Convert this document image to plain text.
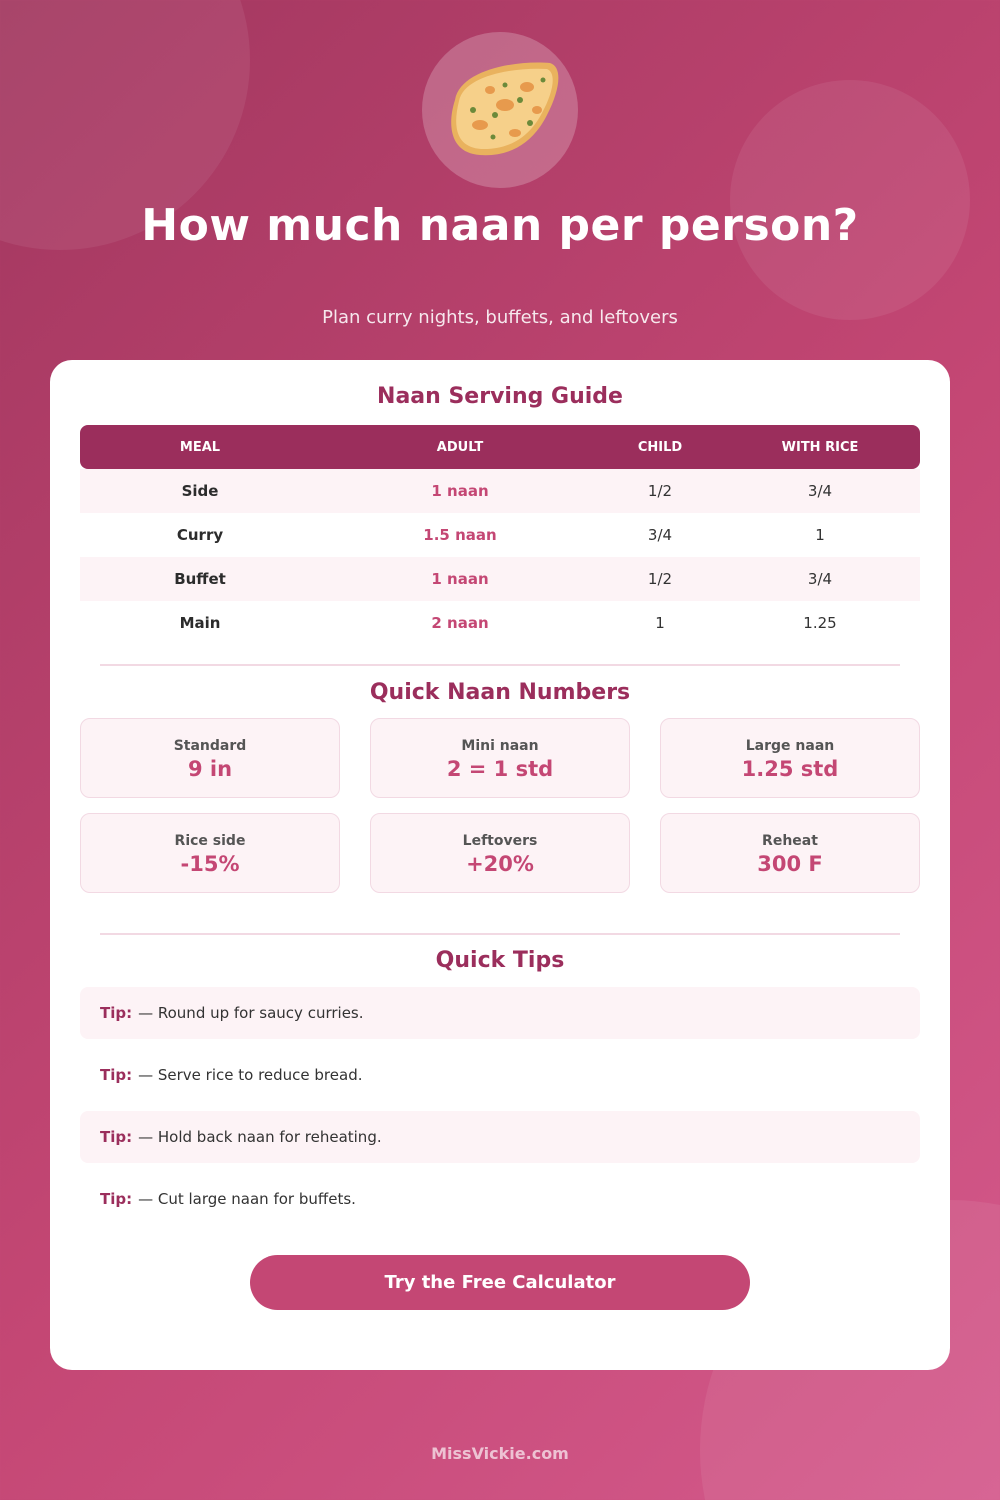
How much naan per person?
Plan curry nights, buffets, and leftovers
Naan Serving Guide
MEAL	ADULT	CHILD	WITH RICE
Side	1 naan	1/2	3/4
Curry	1.5 naan	3/4	1
Buffet	1 naan	1/2	3/4
Main	2 naan	1	1.25
Quick Naan Numbers
Standard
9 in
Mini naan
2 = 1 std
Large naan
1.25 std
Rice side
-15%
Leftovers
+20%
Reheat
300 F
Quick Tips
Tip: — Round up for saucy curries.
Tip: — Serve rice to reduce bread.
Tip: — Hold back naan for reheating.
Tip: — Cut large naan for buffets.
Try the Free Calculator
MissVickie.com
